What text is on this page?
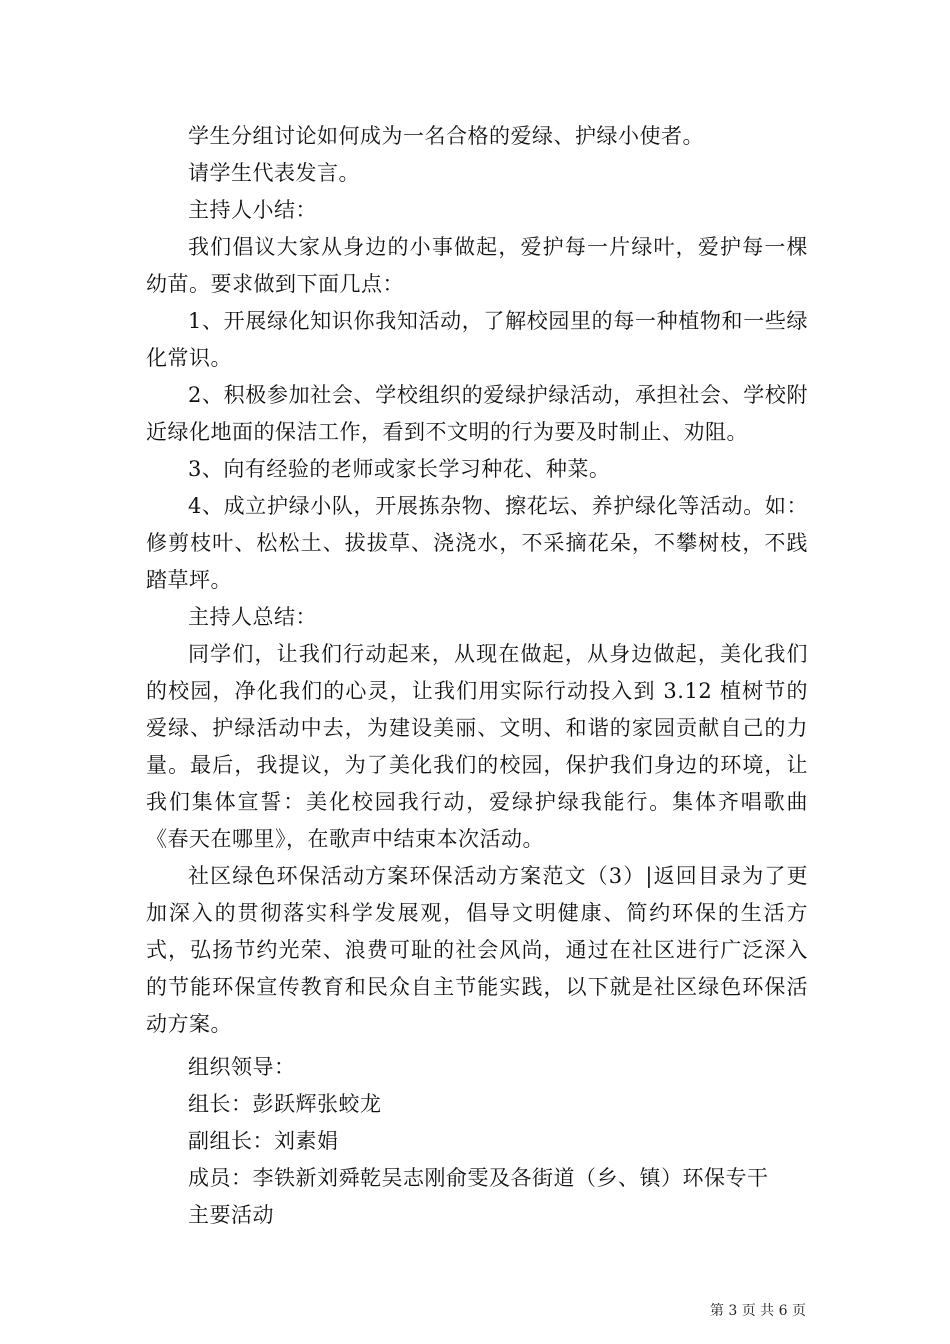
学生分组讨论如何成为一名合格的爱绿、护绿小使者。

请学生代表发言。

主持人小结：

我们倡议大家从身边的小事做起，爱护每一片绿叶，爱护每一棵幼苗。要求做到下面几点：

1、开展绿化知识你我知活动，了解校园里的每一种植物和一些绿化常识。

2、积极参加社会、学校组织的爱绿护绿活动，承担社会、学校附近绿化地面的保洁工作，看到不文明的行为要及时制止、劝阻。

3、向有经验的老师或家长学习种花、种菜。

4、成立护绿小队，开展拣杂物、擦花坛、养护绿化等活动。如：修剪枝叶、松松土、拔拔草、浇浇水，不采摘花朵，不攀树枝，不践踏草坪。

主持人总结：

同学们，让我们行动起来，从现在做起，从身边做起，美化我们的校园，净化我们的心灵，让我们用实际行动投入到 3.12 植树节的爱绿、护绿活动中去，为建设美丽、文明、和谐的家园贡献自己的力量。最后，我提议，为了美化我们的校园，保护我们身边的环境，让我们集体宣誓：美化校园我行动，爱绿护绿我能行。集体齐唱歌曲《春天在哪里》，在歌声中结束本次活动。

社区绿色环保活动方案环保活动方案范文（3）|返回目录为了更加深入的贯彻落实科学发展观，倡导文明健康、简约环保的生活方式，弘扬节约光荣、浪费可耻的社会风尚，通过在社区进行广泛深入的节能环保宣传教育和民众自主节能实践，以下就是社区绿色环保活动方案。

组织领导：

组长：彭跃辉张蛟龙

副组长：刘素娟

成员：李铁新刘舜乾吴志刚俞雯及各街道（乡、镇）环保专干

主要活动

第 3 页 共 6 页
